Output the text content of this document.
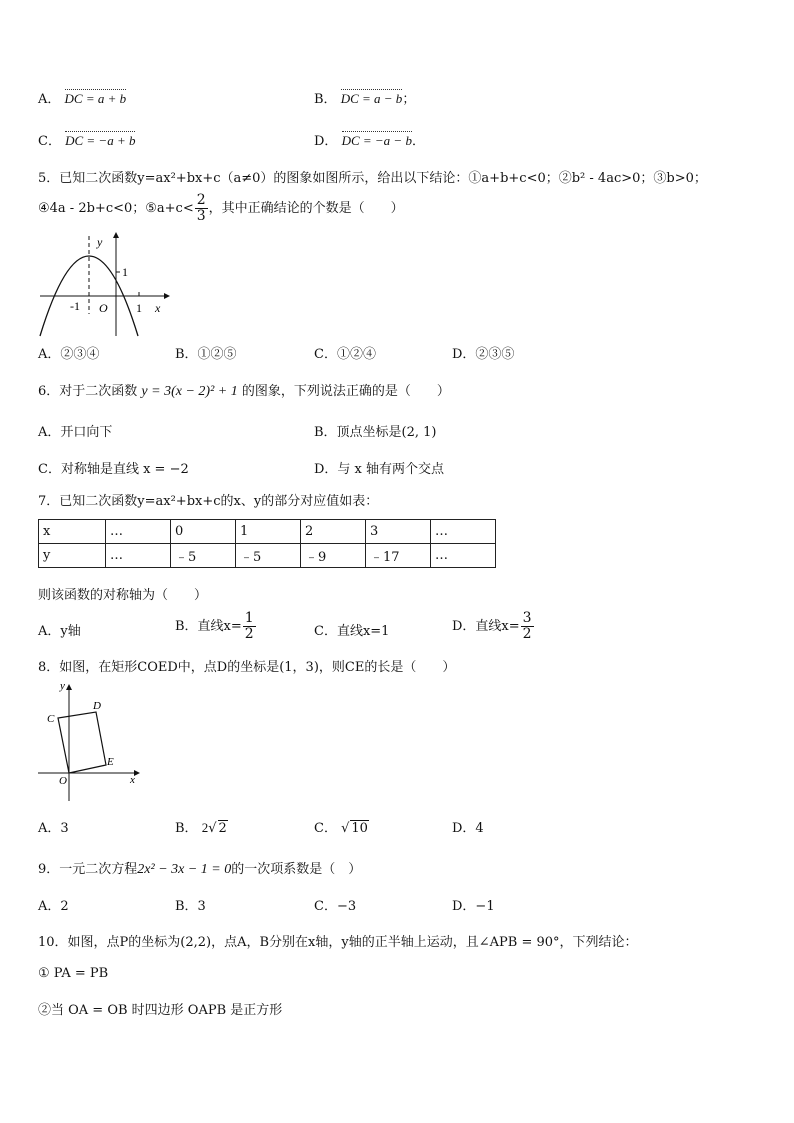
A． DC = a + b	B． DC = a − b；
C． DC = −a + b	D． DC = −a − b．
5．已知二次函数y=ax²+bx+c（a≠0）的图象如图所示，给出以下结论：①a+b+c<0；②b² - 4ac>0；③b>0；
④4a - 2b+c<0；⑤a+c< $\frac{2}{3}$ ，其中正确结论的个数是（　　）
y
x
1
-1 O 1
A．②③④	B．①②⑤	C．①②④	D．②③⑤
6．对于二次函数 y = 3(x − 2)² + 1 的图象，下列说法正确的是（　　）
A．开口向下	B．顶点坐标是(2, 1)
C．对称轴是直线 x = −2	D．与 x 轴有两个交点
7．已知二次函数y=ax²+bx+c的x、y的部分对应值如表：
x	…	0	1	2	3	…
y	…	﹣5	﹣5	﹣9	﹣17	…
则该函数的对称轴为（　　）
A．y轴	B．直线$x= \frac{1}{2}$	C．直线x=1	D．直线$x= \frac{3}{2}$
8．如图，在矩形COED中，点D的坐标是(1，3)，则CE的长是（　　）
y
x
C
D
E
O
A．3	B． 2√ 2	C． √ 10	D．4
9．一元二次方程2x² − 3x − 1 = 0的一次项系数是（　）
A．2	B．3	C．−3	D．−1
10．如图，点P的坐标为(2,2)，点A，B分别在x轴，y轴的正半轴上运动，且∠APB = 90°，下列结论：
① PA = PB
②当 OA = OB 时四边形 OAPB 是正方形
